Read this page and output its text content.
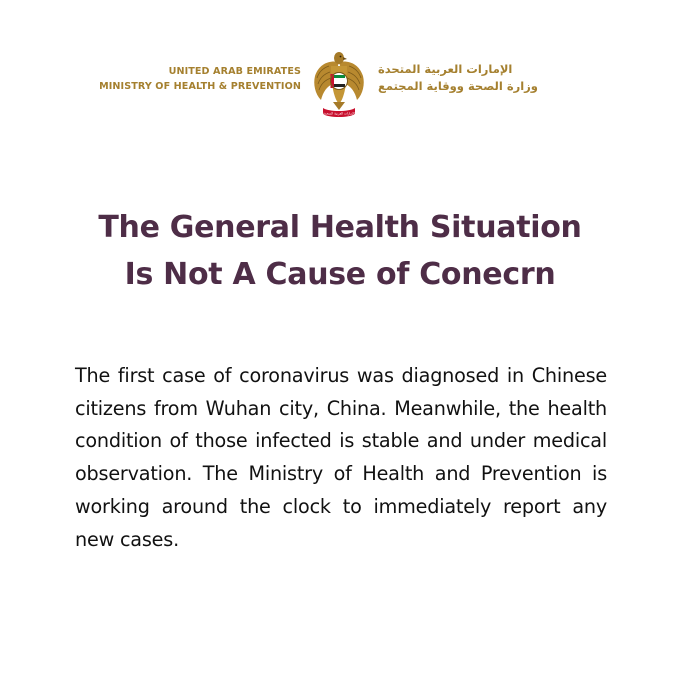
UNITED ARAB EMIRATES
MINISTRY OF HEALTH & PREVENTION
الإمارات العربية المتحدة
الإمارات العربية المتحدة
وزارة الصحة ووقاية المجتمع
The General Health Situation
Is Not A Cause of Conecrn
The first case of coronavirus was diagnosed in Chinese citizens from Wuhan city, China. Meanwhile, the health condition of those infected is stable and under medical observation. The Ministry of Health and Prevention is working around the clock to immediately report any new cases.
